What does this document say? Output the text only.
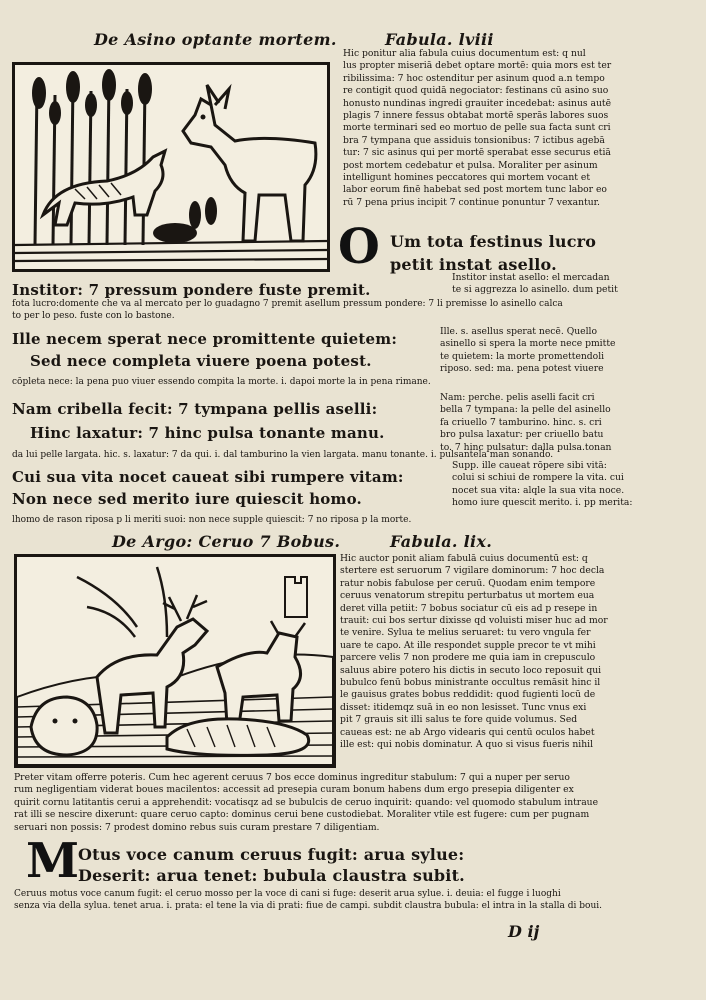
De Asino optante mortem.	Fabula. lviii
Hic ponitur alia fabula cuius documentum est: q nul
lus propter miseriā debet optare mortē: quia mors est ter
ribilissima: 7 hoc ostenditur per asinum quod a.n tempo
re contigit quod quidā negociator: festinans cū asino suo
honusto nundinas ingredi grauiter incedebat: asinus autē
plagis 7 innere fessus obtabat mortē sperās labores suos
morte terminari sed eo mortuo de pelle sua facta sunt cri
bra 7 tympana que assiduis tonsionibus: 7 ictibus agebā
tur: 7 sic asinus qui per mortē sperabat esse securus etiā
post mortem cedebatur et pulsa. Moraliter per asinum
intelligunt homines peccatores qui mortem vocant et
labor eorum finē habebat sed post mortem tunc labor eo
rū 7 pena prius incipit 7 continue ponuntur 7 vexantur.
O Um tota festinus lucro
petit instat asello.
Institor instat asello: el mercadan
te si aggrezza lo asinello. dum petit
Institor: 7 pressum pondere fuste premit.
fota lucro:domente che va al mercato per lo guadagno 7 premit asellum pressum pondere: 7 li premisse lo asinello calca
to per lo peso. fuste con lo bastone.
Ille necem sperat nece promittente quietem:
Sed nece completa viuere poena potest.
Ille. s. asellus sperat necē. Quello
asinello si spera la morte nece pmitte
te quietem: la morte promettendoli
riposo. sed: ma. pena potest viuere
cōpleta nece: la pena puo viuer essendo compita la morte. i. dapoi morte la in pena rimane.
Nam cribella fecit: 7 tympana pellis aselli:
Hinc laxatur: 7 hinc pulsa tonante manu.
Nam: perche. pelis aselli facit cri
bella 7 tympana: la pelle del asinello
fa criuello 7 tamburino. hinc. s. cri
bro pulsa laxatur: per criuello batu
to. 7 hinc pulsatur: dalla pulsa.tonan
da lui pelle largata. hic. s. laxatur: 7 da qui. i. dal tamburino la vien largata. manu tonante. i. pulsantela man sonando.
Cui sua vita nocet caueat sibi rumpere vitam:
Non nece sed merito iure quiescit homo.
Supp. ille caueat rōpere sibi vitā:
colui si schiui de rompere la vita. cui
nocet sua vita: alqle la sua vita noce.
homo iure quescit merito. i. pp merita:
lhomo de rason riposa p li meriti suoi: non nece supple quiescit: 7 no riposa p la morte.
De Argo: Ceruo 7 Bobus.	Fabula. lix.
Hic auctor ponit aliam fabulā cuius documentū est: q
stertere est seruorum 7 vigilare dominorum: 7 hoc decla
ratur nobis fabulose per ceruū. Quodam enim tempore
ceruus venatorum strepitu perturbatus ut mortem eua
deret villa petiit: 7 bobus sociatur cū eis ad p resepe in
trauit: cui bos sertur dixisse qd voluisti miser huc ad mor
te venire. Sylua te melius seruaret: tu vero vngula fer
uare te capo. At ille respondet supple precor te vt mihi
parcere velis 7 non prodere me quia iam in crepusculo
saluus abire potero his dictis in secuto loco reposuit qui
bubulco fenū bobus ministrante occultus remāsit hinc il
le gauisus grates bobus reddidit: quod fugienti locū de
disset: itidemqz suā in eo non lesisset. Tunc vnus exi
pit 7 grauis sit illi salus te fore quide volumus. Sed
caueas est: ne ab Argo videaris qui centū oculos habet
ille est: qui nobis dominatur. A quo si visus fueris nihil
Preter vitam offerre poteris. Cum hec agerent ceruus 7 bos ecce dominus ingreditur stabulum: 7 qui a nuper per seruo
rum negligentiam viderat boues macilentos: accessit ad presepia curam bonum habens dum ergo presepia diligenter ex
quirit cornu latitantis cerui a apprehendit: vocatisqz ad se bubulcis de ceruo inquirit: quando: vel quomodo stabulum intraue
rat illi se nescire dixerunt: quare ceruo capto: dominus cerui bene custodiebat. Moraliter vtile est fugere: cum per pugnam
seruari non possis: 7 prodest domino rebus suis curam prestare 7 diligentiam.
M
Otus voce canum ceruus fugit: arua sylue:
Deserit: arua tenet: bubula claustra subit.
Ceruus motus voce canum fugit: el ceruo mosso per la voce di cani si fuge: deserit arua sylue. i. deuia: el fugge i luoghi
senza via della sylua. tenet arua. i. prata: el tene la via di prati: fiue de campi. subdit claustra bubula: el intra in la stalla di boui.
D ij
